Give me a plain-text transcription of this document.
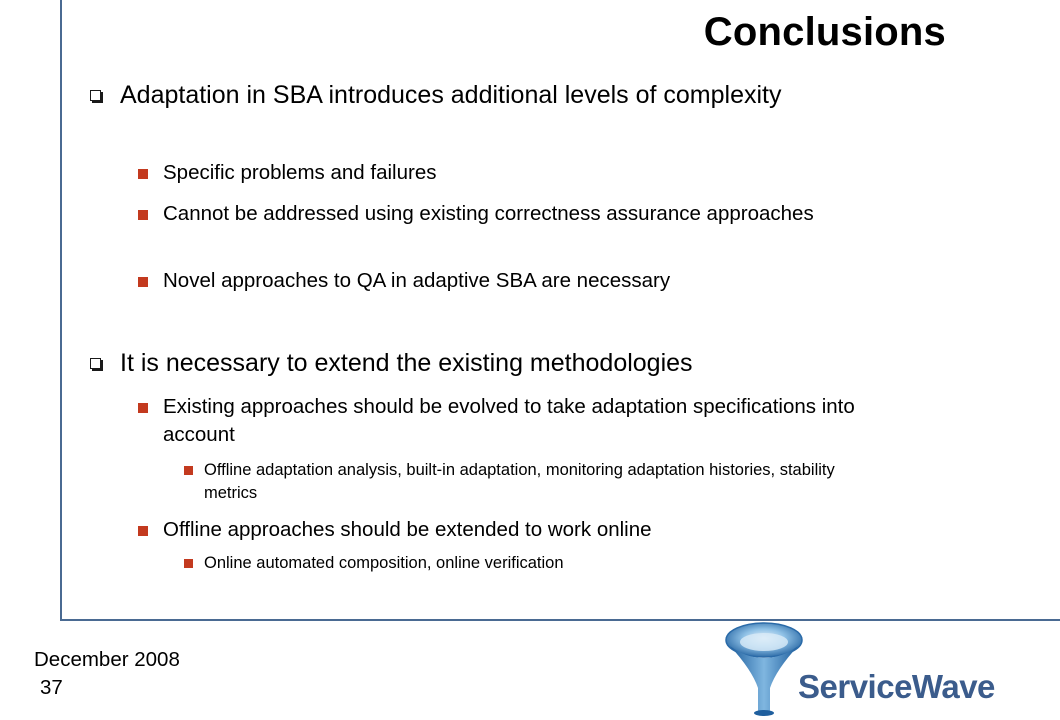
Conclusions
Adaptation in SBA introduces additional levels of complexity
Specific problems and failures
Cannot be addressed using existing correctness assurance approaches
Novel approaches to QA in adaptive SBA are necessary
It is necessary to extend the existing methodologies
Existing approaches should be evolved to take adaptation specifications into account
Offline adaptation analysis, built-in adaptation, monitoring adaptation histories, stability metrics
Offline approaches should be extended to work online
Online automated composition, online verification
December 2008
37	ServiceWave
